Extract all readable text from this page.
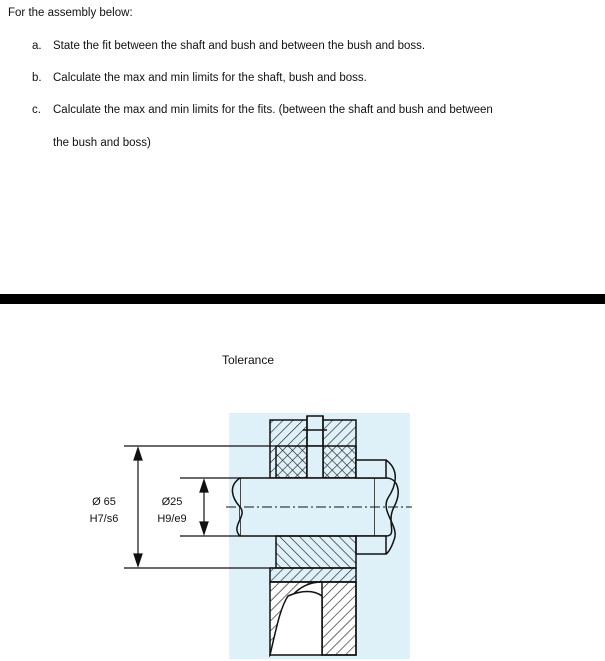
For the assembly below:
a. State the fit between the shaft and bush and between the bush and boss.
b. Calculate the max and min limits for the shaft, bush and boss.
c. Calculate the max and min limits for the fits. (between the shaft and bush and between
the bush and boss)
Tolerance
Ø 65
H7/s6
Ø25
H9/e9
